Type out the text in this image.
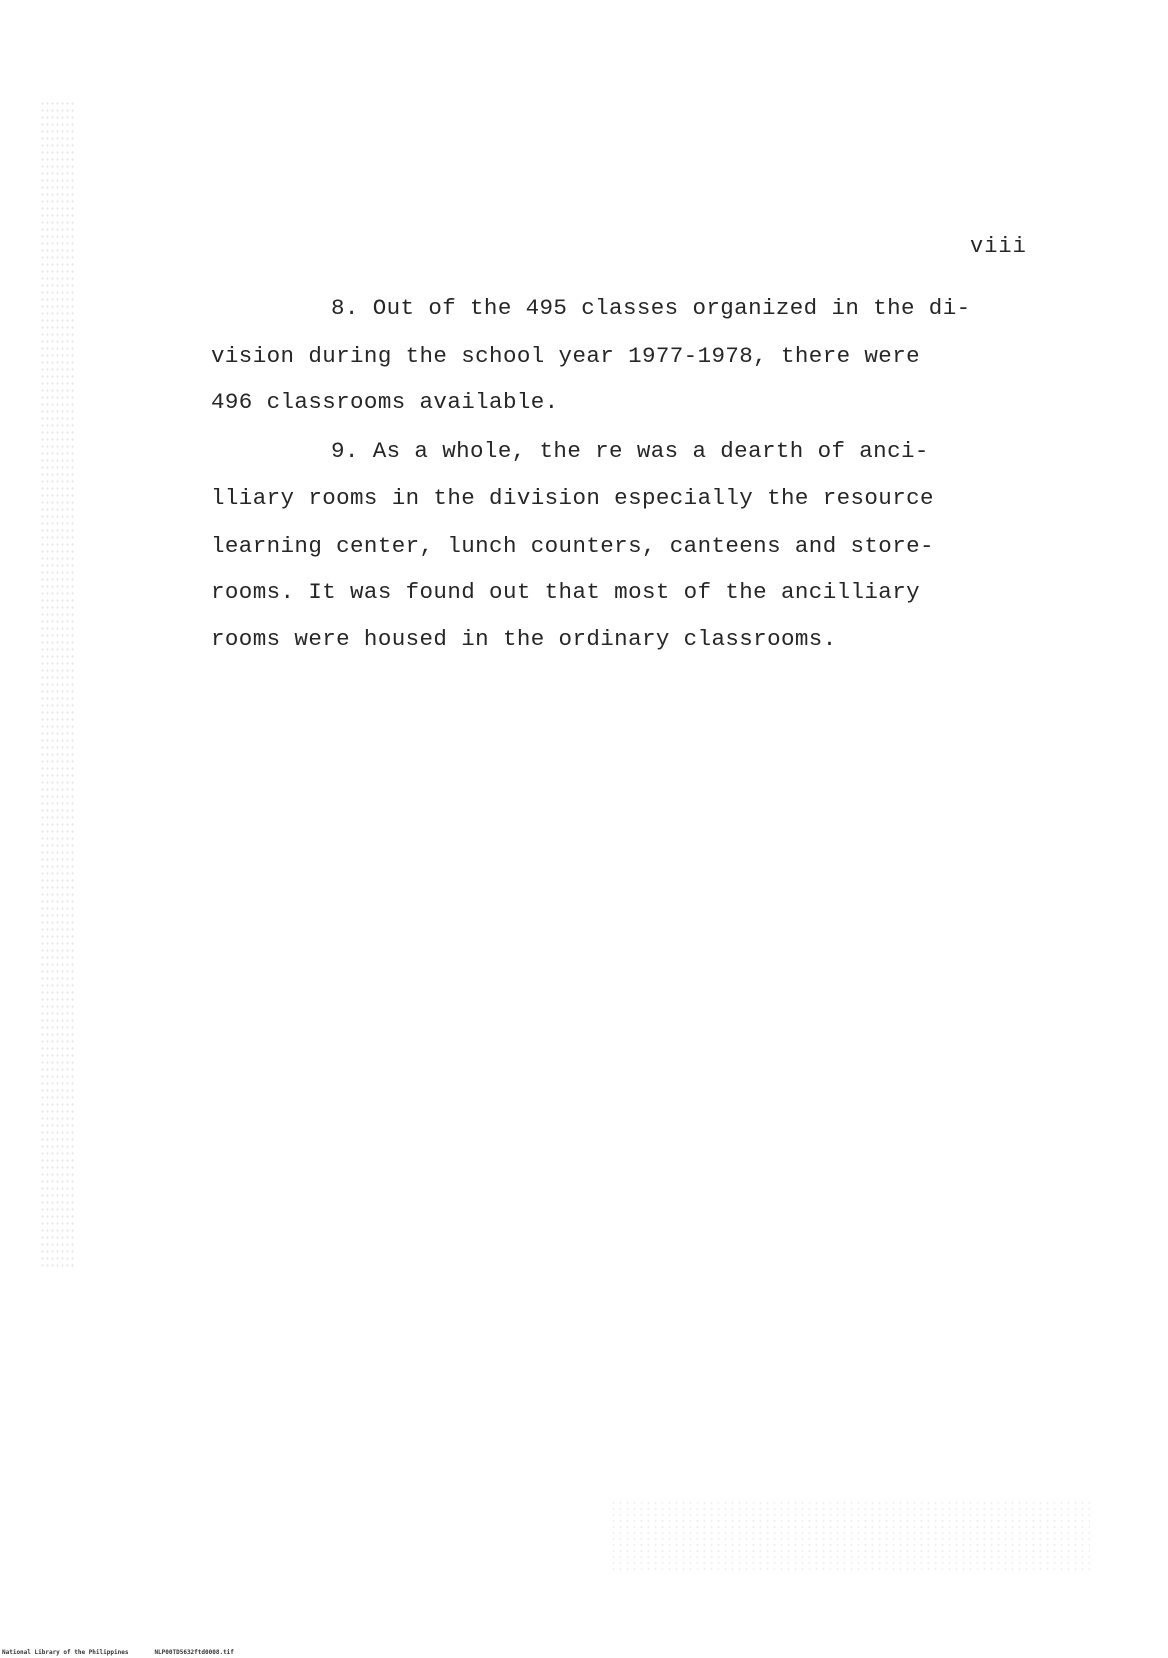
viii
8. Out of the 495 classes organized in the di-
vision during the school year 1977-1978, there were
496 classrooms available.
9. As a whole, the re was a dearth of anci-
lliary rooms in the division especially the resource
learning center, lunch counters, canteens and store-
rooms. It was found out that most of the ancilliary
rooms were housed in the ordinary classrooms.
National Library of the Philippines	NLP00TD5632ftd0008.tif
